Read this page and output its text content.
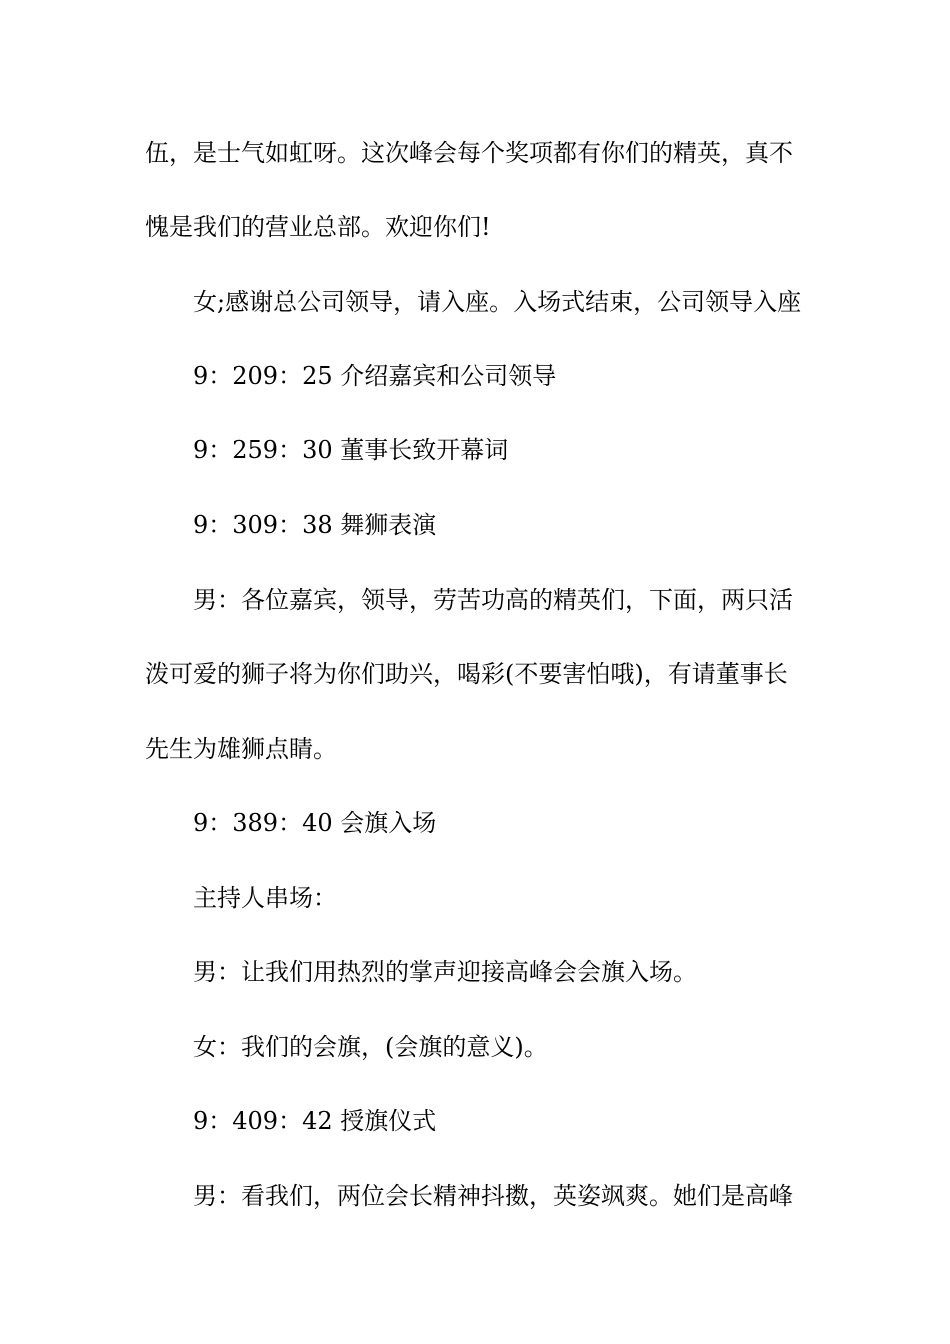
伍，是士气如虹呀。这次峰会每个奖项都有你们的精英，真不
愧是我们的营业总部。欢迎你们!
女;感谢总公司领导，请入座。入场式结束，公司领导入座
9：209：25 介绍嘉宾和公司领导
9：259：30 董事长致开幕词
9：309：38 舞狮表演
男：各位嘉宾，领导，劳苦功高的精英们，下面，两只活
泼可爱的狮子将为你们助兴，喝彩(不要害怕哦)，有请董事长
先生为雄狮点睛。
9：389：40 会旗入场
主持人串场：
男：让我们用热烈的掌声迎接高峰会会旗入场。
女：我们的会旗，(会旗的意义)。
9：409：42 授旗仪式
男：看我们，两位会长精神抖擞，英姿飒爽。她们是高峰
